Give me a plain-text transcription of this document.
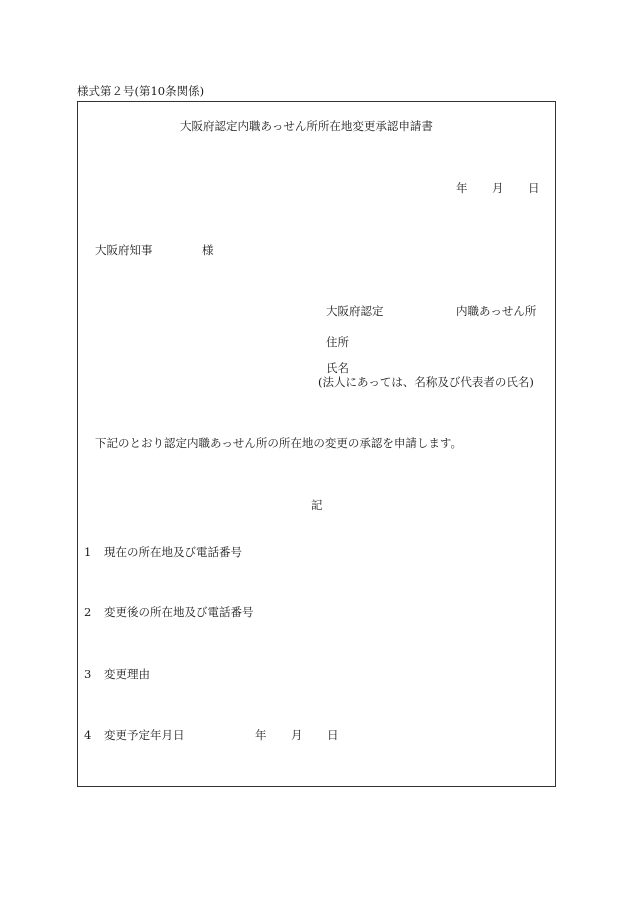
様式第２号(第10条関係)
大阪府認定内職あっせん所所在地変更承認申請書
年 月 日
大阪府知事	様
大阪府認定	内職あっせん所
住所
氏名
(法人にあっては、名称及び代表者の氏名)
下記のとおり認定内職あっせん所の所在地の変更の承認を申請します。
記
1 現在の所在地及び電話番号
2 変更後の所在地及び電話番号
3 変更理由
4 変更予定年月日	年 月 日
